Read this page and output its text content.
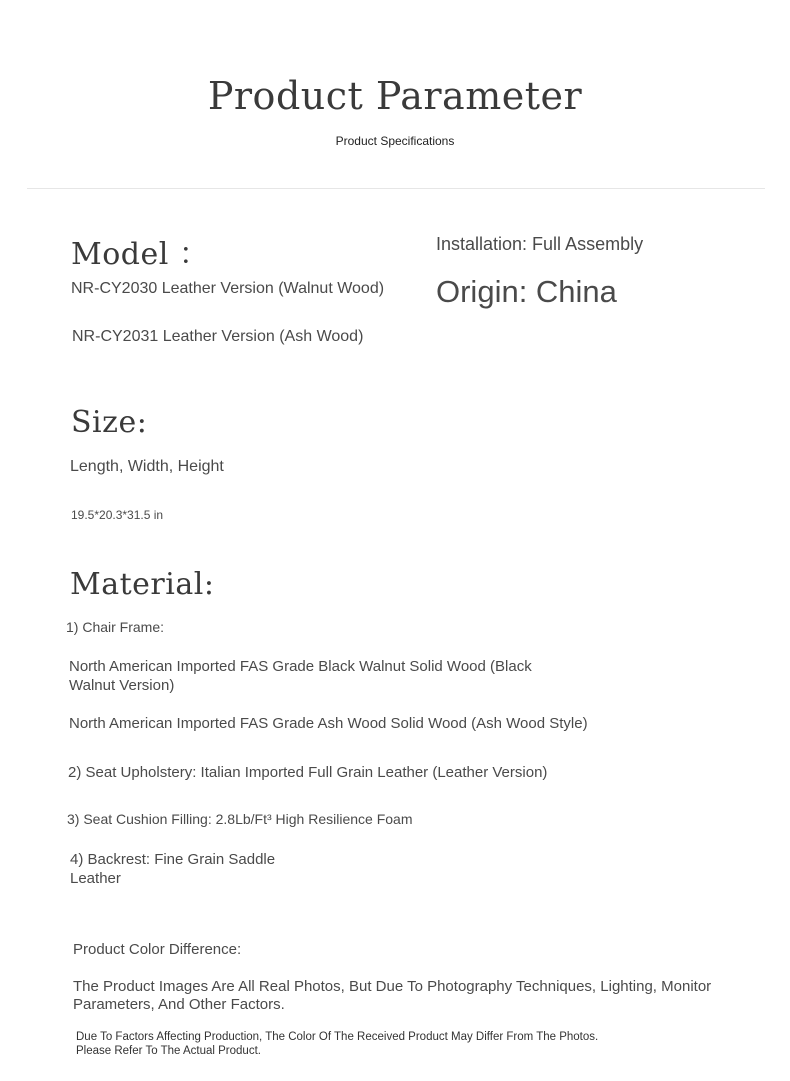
Product Parameter
Product Specifications
Model ：
NR-CY2030 Leather Version (Walnut Wood)
NR-CY2031 Leather Version (Ash Wood)
Installation: Full Assembly
Origin: China
Size:
Length, Width, Height
19.5*20.3*31.5 in
Material:
1) Chair Frame:
North American Imported FAS Grade Black Walnut Solid Wood (Black Walnut Version)
North American Imported FAS Grade Ash Wood Solid Wood (Ash Wood Style)
2) Seat Upholstery: Italian Imported Full Grain Leather (Leather Version)
3) Seat Cushion Filling: 2.8Lb/Ft³ High Resilience Foam
4) Backrest: Fine Grain Saddle Leather
Product Color Difference:
The Product Images Are All Real Photos, But Due To Photography Techniques, Lighting, Monitor Parameters, And Other Factors.
Due To Factors Affecting Production, The Color Of The Received Product May Differ From The Photos. Please Refer To The Actual Product.
